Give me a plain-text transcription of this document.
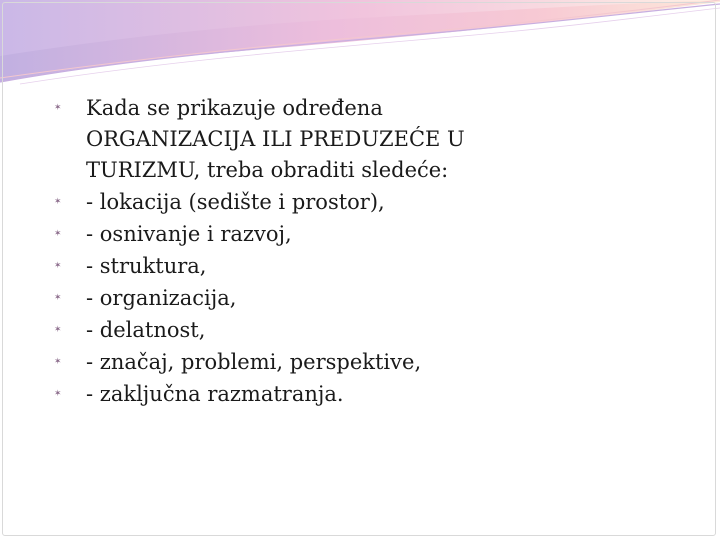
✶ Kada se prikazuje određena ORGANIZACIJA ILI PREDUZEĆE U TURIZMU, treba obraditi sledeće:
✶ - lokacija (sedište i prostor),
✶ - osnivanje i razvoj,
✶ - struktura,
✶ - organizacija,
✶ - delatnost,
✶ - značaj, problemi, perspektive,
✶ - zaključna razmatranja.
